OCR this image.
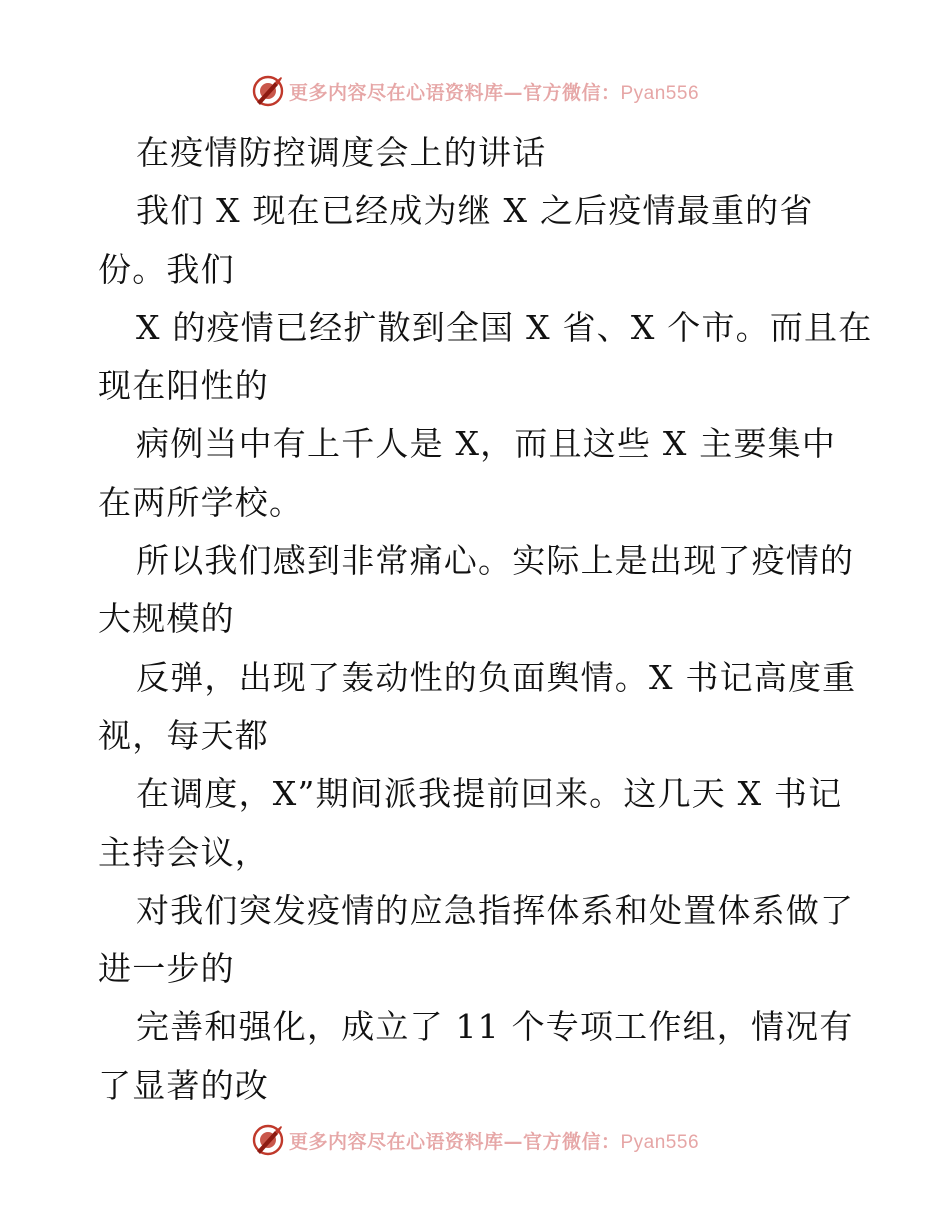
更多内容尽在心语资料库—官方微信：Pyan556
在疫情防控调度会上的讲话
我们 X 现在已经成为继 X 之后疫情最重的省
份。我们
X 的疫情已经扩散到全国 X 省、X 个市。而且在
现在阳性的
病例当中有上千人是 X，而且这些 X 主要集中
在两所学校。
所以我们感到非常痛心。实际上是出现了疫情的
大规模的
反弹，出现了轰动性的负面舆情。X 书记高度重
视，每天都
在调度，X”期间派我提前回来。这几天 X 书记
主持会议，
对我们突发疫情的应急指挥体系和处置体系做了
进一步的
完善和强化，成立了 11 个专项工作组，情况有
了显著的改
更多内容尽在心语资料库—官方微信：Pyan556
